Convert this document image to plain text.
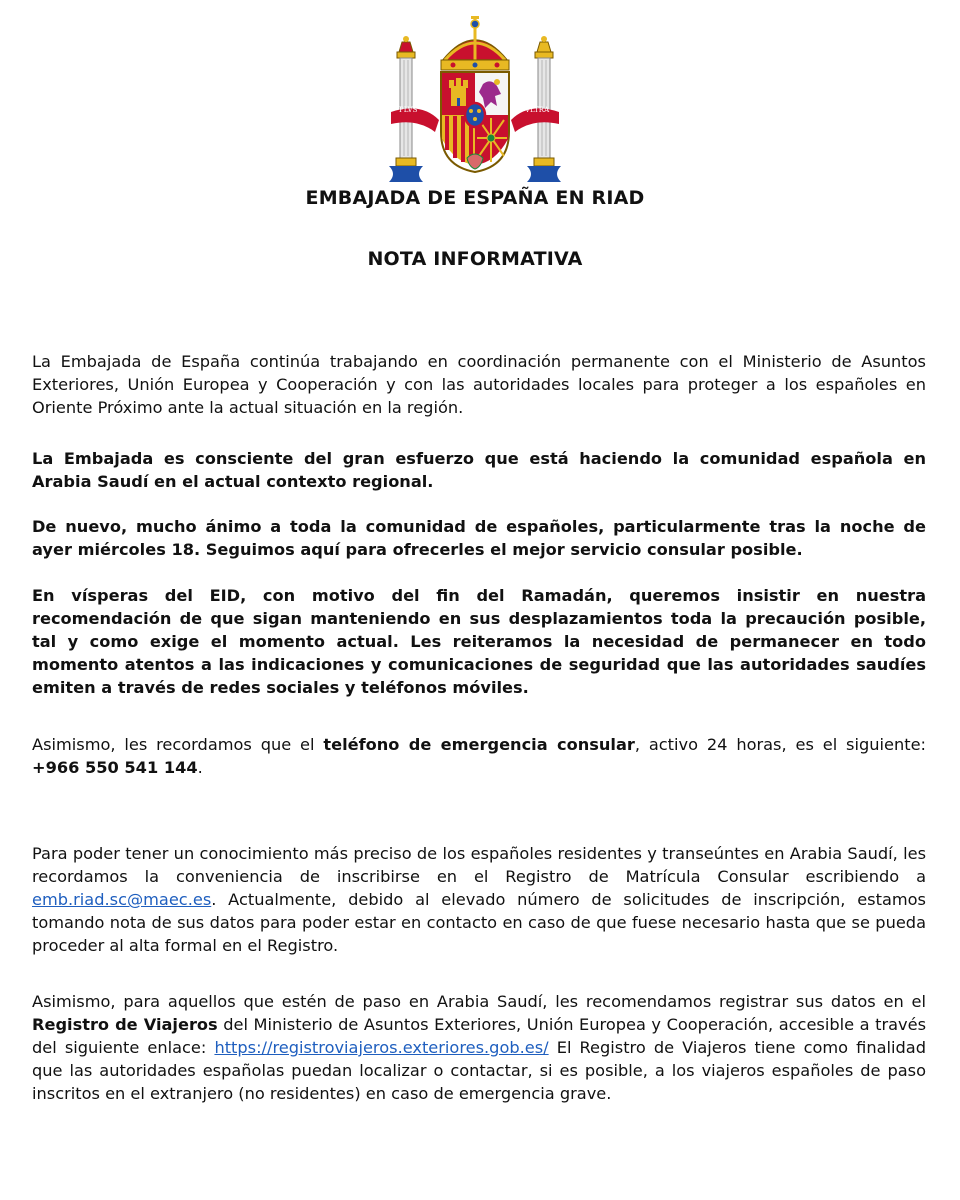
PLVS	VLTRA
EMBAJADA DE ESPAÑA EN RIAD
NOTA INFORMATIVA

La Embajada de España continúa trabajando en coordinación permanente con el Ministerio de Asuntos Exteriores, Unión Europea y Cooperación y con las autoridades locales para proteger a los españoles en Oriente Próximo ante la actual situación en la región.

La Embajada es consciente del gran esfuerzo que está haciendo la comunidad española en Arabia Saudí en el actual contexto regional.

De nuevo, mucho ánimo a toda la comunidad de españoles, particularmente tras la noche de ayer miércoles 18. Seguimos aquí para ofrecerles el mejor servicio consular posible.

En vísperas del EID, con motivo del fin del Ramadán, queremos insistir en nuestra recomendación de que sigan manteniendo en sus desplazamientos toda la precaución posible, tal y como exige el momento actual. Les reiteramos la necesidad de permanecer en todo momento atentos a las indicaciones y comunicaciones de seguridad que las autoridades saudíes emiten a través de redes sociales y teléfonos móviles.

Asimismo, les recordamos que el teléfono de emergencia consular, activo 24 horas, es el siguiente: +966 550 541 144.

Para poder tener un conocimiento más preciso de los españoles residentes y transeúntes en Arabia Saudí, les recordamos la conveniencia de inscribirse en el Registro de Matrícula Consular escribiendo a emb.riad.sc@maec.es. Actualmente, debido al elevado número de solicitudes de inscripción, estamos tomando nota de sus datos para poder estar en contacto en caso de que fuese necesario hasta que se pueda proceder al alta formal en el Registro.

Asimismo, para aquellos que estén de paso en Arabia Saudí, les recomendamos registrar sus datos en el Registro de Viajeros del Ministerio de Asuntos Exteriores, Unión Europea y Cooperación, accesible a través del siguiente enlace: https://registroviajeros.exteriores.gob.es/ El Registro de Viajeros tiene como finalidad que las autoridades españolas puedan localizar o contactar, si es posible, a los viajeros españoles de paso inscritos en el extranjero (no residentes) en caso de emergencia grave.
